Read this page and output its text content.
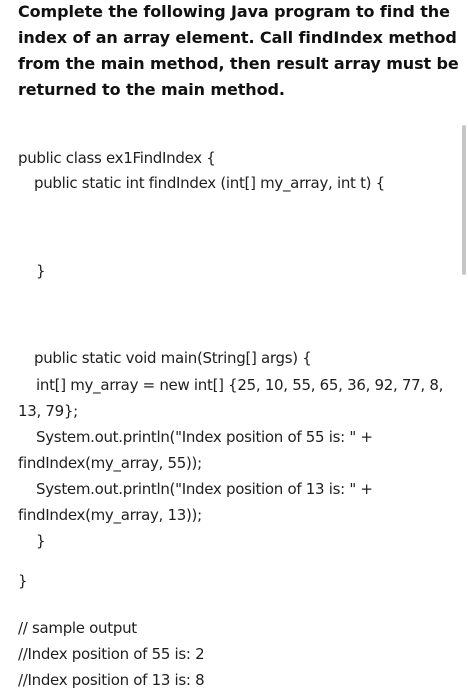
Complete the following Java program to find the
index of an array element. Call findIndex method
from the main method, then result array must be
returned to the main method.
public class ex1FindIndex {
public static int findIndex (int[] my_array, int t) {
}
public static void main(String[] args) {
int[] my_array = new int[] {25, 10, 55, 65, 36, 92, 77, 8,
13, 79};
System.out.println("Index position of 55 is: " +
findIndex(my_array, 55));
System.out.println("Index position of 13 is: " +
findIndex(my_array, 13));
}
}
// sample output
//Index position of 55 is: 2
//Index position of 13 is: 8
